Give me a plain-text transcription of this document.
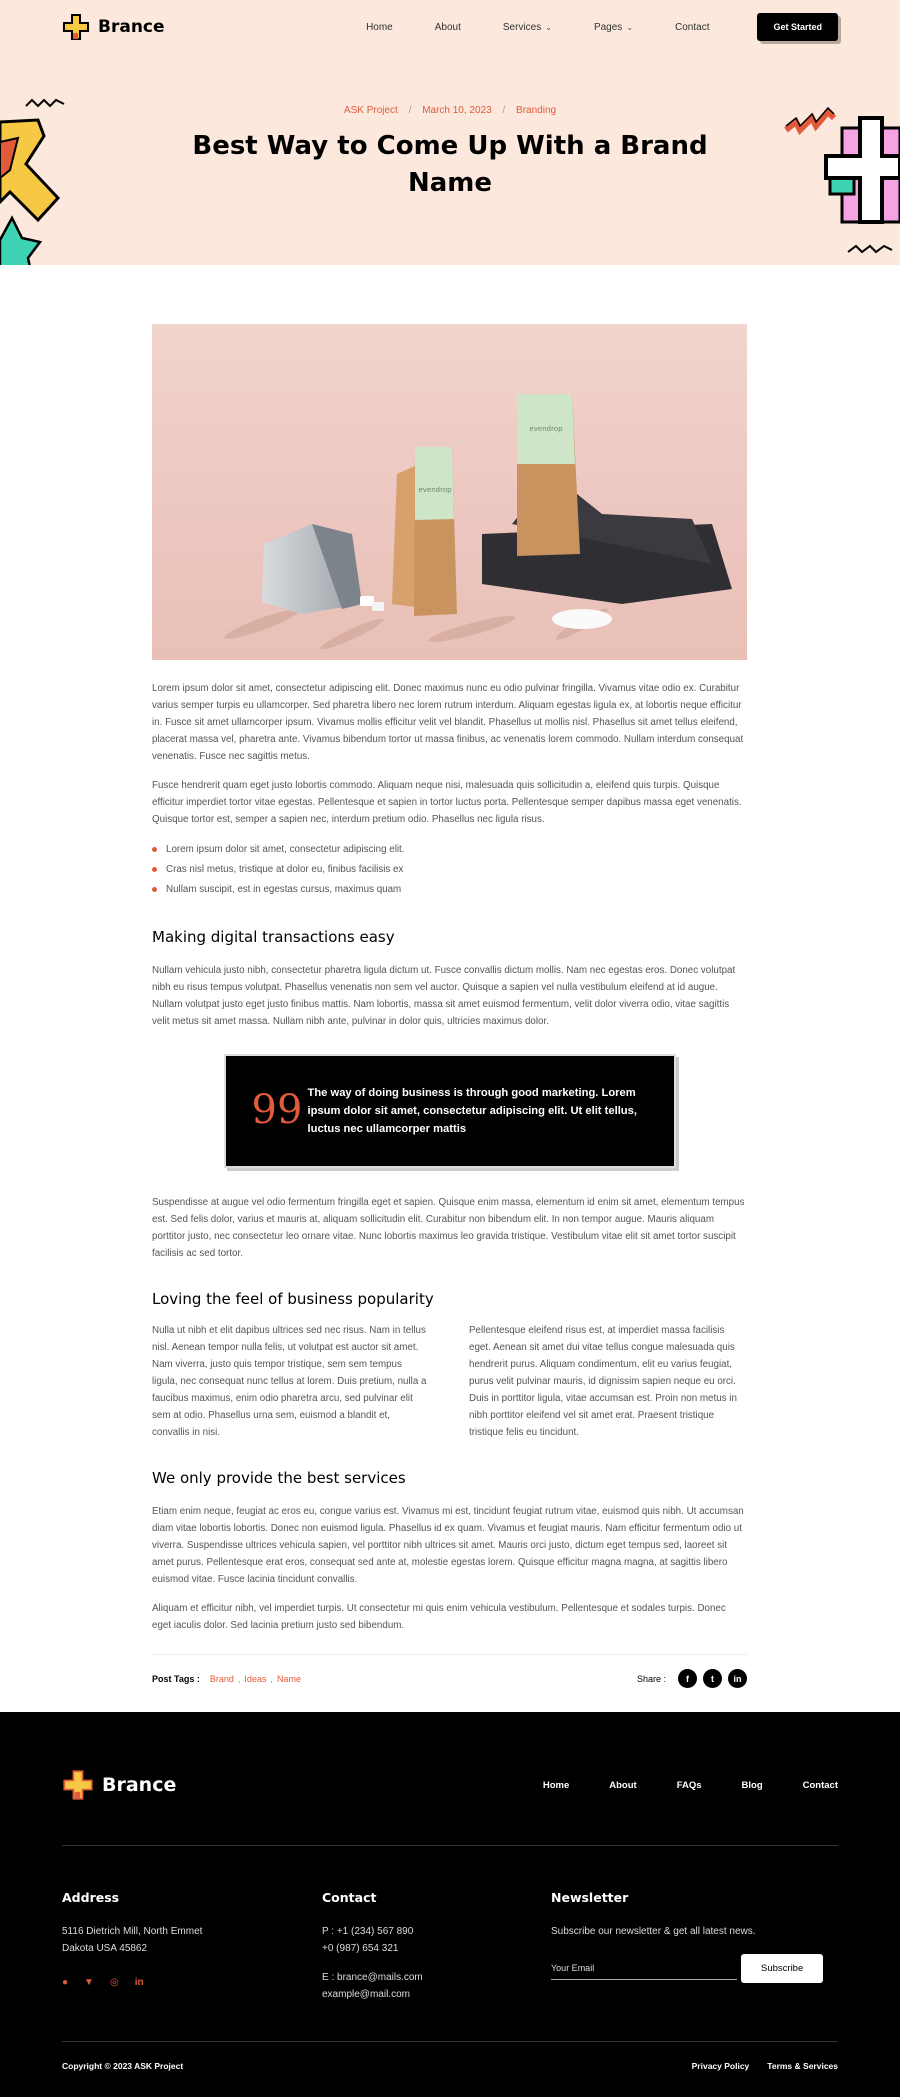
Brance	Home	About	Services ⌄	Pages ⌄	Contact	Get Started
ASK Project / March 10, 2023 / Branding
Best Way to Come Up With a Brand Name
evendrop
evendrop

Lorem ipsum dolor sit amet, consectetur adipiscing elit. Donec maximus nunc eu odio pulvinar fringilla. Vivamus vitae odio ex. Curabitur varius semper turpis eu ullamcorper. Sed pharetra libero nec lorem rutrum interdum. Aliquam egestas ligula ex, at lobortis neque efficitur in. Fusce sit amet ullamcorper ipsum. Vivamus mollis efficitur velit vel blandit. Phasellus ut mollis nisl. Phasellus sit amet tellus eleifend, placerat massa vel, pharetra ante. Vivamus bibendum tortor ut massa finibus, ac venenatis lorem commodo. Nullam interdum consequat venenatis. Fusce nec sagittis metus.

Fusce hendrerit quam eget justo lobortis commodo. Aliquam neque nisi, malesuada quis sollicitudin a, eleifend quis turpis. Quisque efficitur imperdiet tortor vitae egestas. Pellentesque et sapien in tortor luctus porta. Pellentesque semper dapibus massa eget venenatis. Quisque tortor est, semper a sapien nec, interdum pretium odio. Phasellus nec ligula risus.

Lorem ipsum dolor sit amet, consectetur adipiscing elit.
Cras nisl metus, tristique at dolor eu, finibus facilisis ex
Nullam suscipit, est in egestas cursus, maximus quam
Making digital transactions easy

Nullam vehicula justo nibh, consectetur pharetra ligula dictum ut. Fusce convallis dictum mollis. Nam nec egestas eros. Donec volutpat nibh eu risus tempus volutpat. Phasellus venenatis non sem vel auctor. Quisque a sapien vel nulla vestibulum eleifend at id augue. Nullam volutpat justo eget justo finibus mattis. Nam lobortis, massa sit amet euismod fermentum, velit dolor viverra odio, vitae sagittis velit metus sit amet massa. Nullam nibh ante, pulvinar in dolor quis, ultricies maximus dolor.

99 The way of doing business is through good marketing. Lorem ipsum dolor sit amet, consectetur adipiscing elit. Ut elit tellus, luctus nec ullamcorper mattis

Suspendisse at augue vel odio fermentum fringilla eget et sapien. Quisque enim massa, elementum id enim sit amet, elementum tempus est. Sed felis dolor, varius et mauris at, aliquam sollicitudin elit. Curabitur non bibendum elit. In non tempor augue. Mauris aliquam porttitor justo, nec consectetur leo ornare vitae. Nunc lobortis maximus leo gravida tristique. Vestibulum vitae elit sit amet tortor suscipit facilisis ac sed tortor.

Loving the feel of business popularity

Nulla ut nibh et elit dapibus ultrices sed nec risus. Nam in tellus nisl. Aenean tempor nulla felis, ut volutpat est auctor sit amet. Nam viverra, justo quis tempor tristique, sem sem tempus ligula, nec consequat nunc tellus at lorem. Duis pretium, nulla a faucibus maximus, enim odio pharetra arcu, sed pulvinar elit sem at odio. Phasellus urna sem, euismod a blandit et, convallis in nisi.

Pellentesque eleifend risus est, at imperdiet massa facilisis eget. Aenean sit amet dui vitae tellus congue malesuada quis hendrerit purus. Aliquam condimentum, elit eu varius feugiat, purus velit pulvinar mauris, id dignissim sapien neque eu orci. Duis in porttitor ligula, vitae accumsan est. Proin non metus in nibh porttitor eleifend vel sit amet erat. Praesent tristique tristique felis eu tincidunt.

We only provide the best services

Etiam enim neque, feugiat ac eros eu, congue varius est. Vivamus mi est, tincidunt feugiat rutrum vitae, euismod quis nibh. Ut accumsan diam vitae lobortis lobortis. Donec non euismod ligula. Phasellus id ex quam. Vivamus et feugiat mauris. Nam efficitur fermentum odio ut viverra. Suspendisse ultrices vehicula sapien, vel porttitor nibh ultrices sit amet. Mauris orci justo, dictum eget tempus sed, laoreet sit amet purus. Pellentesque erat eros, consequat sed ante at, molestie egestas lorem. Quisque efficitur magna magna, at sagittis libero euismod vitae. Fusce lacinia tincidunt convallis.

Aliquam et efficitur nibh, vel imperdiet turpis. Ut consectetur mi quis enim vehicula vestibulum. Pellentesque et sodales turpis. Donec eget iaculis dolor. Sed lacinia pretium justo sed bibendum.

Post Tags : Brand , Ideas , Name	Share :	f	t	in
Brance	Home	About	FAQs	Blog	Contact
Address
5116 Dietrich Mill, North Emmet
Dakota USA 45862
● ▼ ◎ in
Contact
P : +1 (234) 567 890
+0 (987) 654 321
E : brance@mails.com
example@mail.com
Newsletter
Subscribe our newsletter & get all latest news.
Your Email
Subscribe
Copyright © 2023 ASK Project	Privacy Policy Terms & Services
